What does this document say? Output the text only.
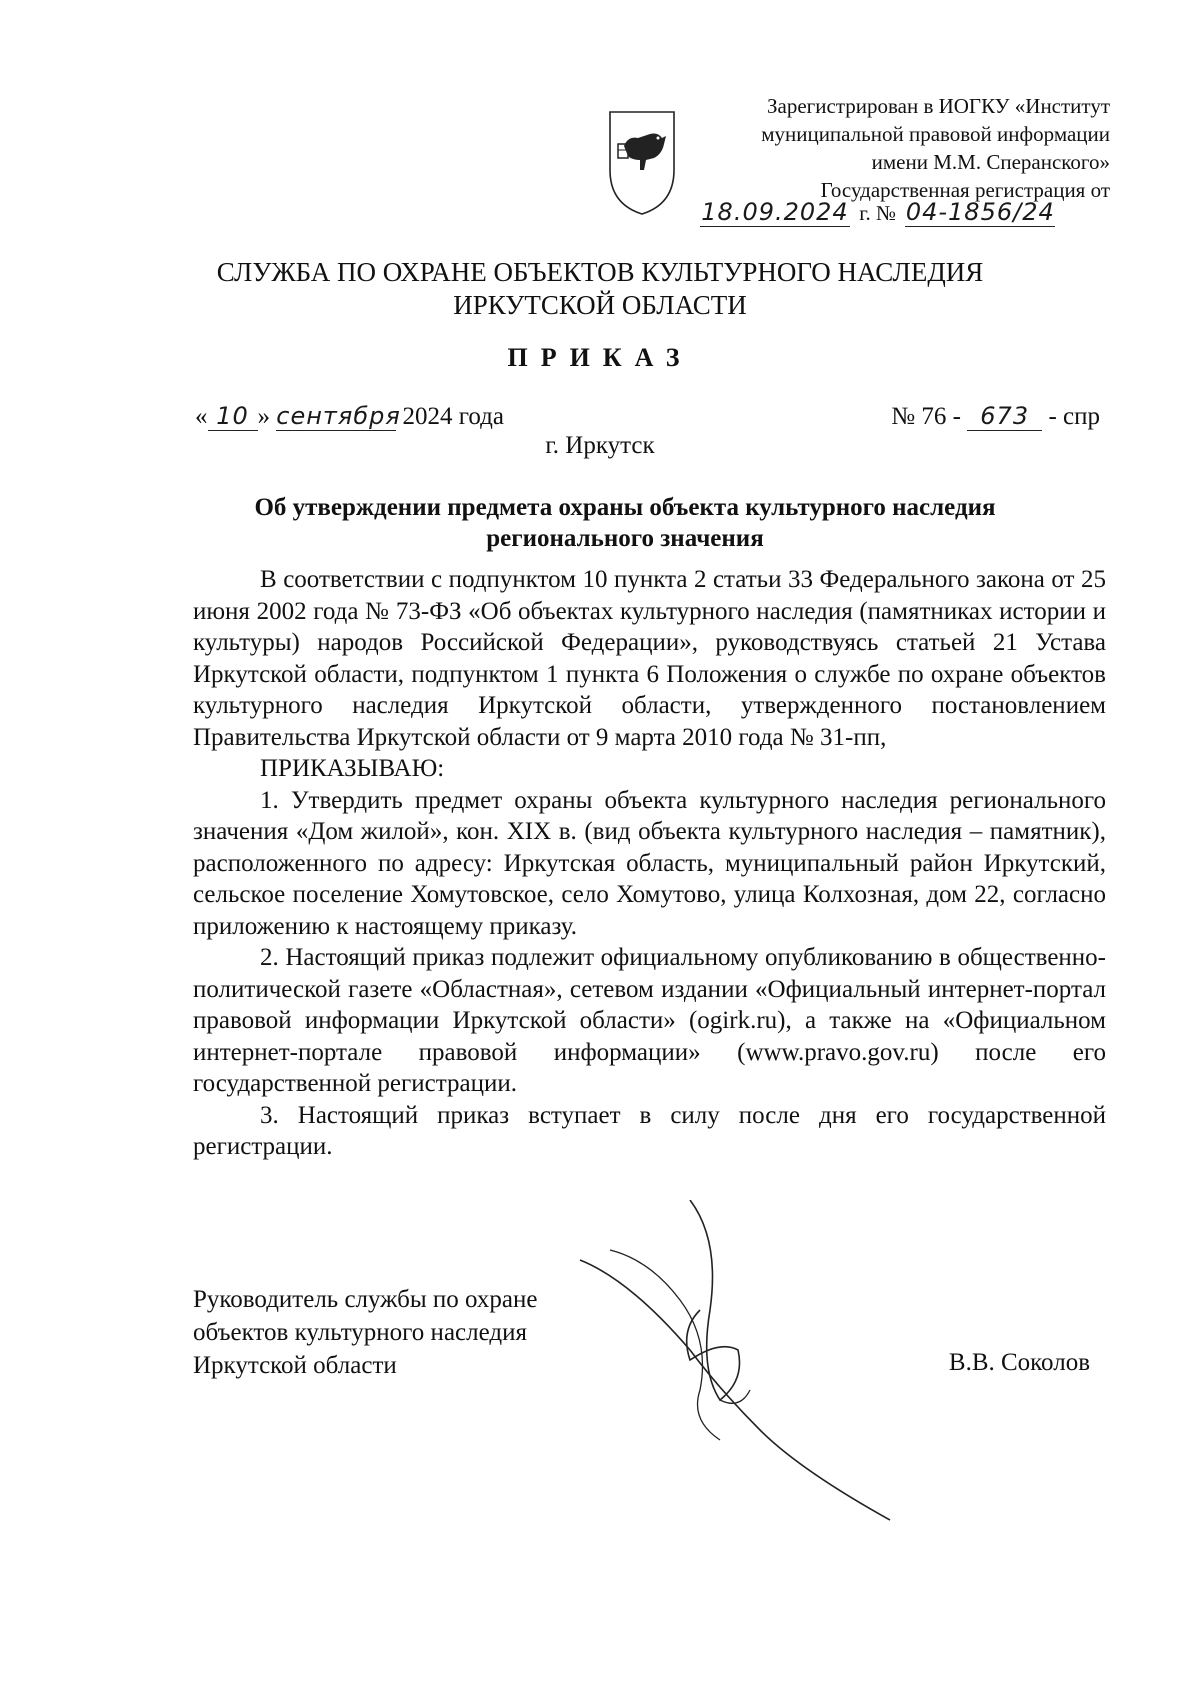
Зарегистрирован в ИОГКУ «Институт
муниципальной правовой информации
имени М.М. Сперанского»
Государственная регистрация от
18.09.2024 г. № 04-1856/24
СЛУЖБА ПО ОХРАНЕ ОБЪЕКТОВ КУЛЬТУРНОГО НАСЛЕДИЯ
ИРКУТСКОЙ ОБЛАСТИ
ПРИКАЗ
« 10 » сентября 2024 года	№ 76 - 673 - спр
г. Иркутск
Об утверждении предмета охраны объекта культурного наследия
регионального значения

В соответствии с подпунктом 10 пункта 2 статьи 33 Федерального закона от 25 июня 2002 года № 73-ФЗ «Об объектах культурного наследия (памятниках истории и культуры) народов Российской Федерации», руководствуясь статьей 21 Устава Иркутской области, подпунктом 1 пункта 6 Положения о службе по охране объектов культурного наследия Иркутской области, утвержденного постановлением Правительства Иркутской области от 9 марта 2010 года № 31-пп,

ПРИКАЗЫВАЮ:

1. Утвердить предмет охраны объекта культурного наследия регионального значения «Дом жилой», кон. XIX в. (вид объекта культурного наследия – памятник), расположенного по адресу: Иркутская область, муниципальный район Иркутский, сельское поселение Хомутовское, село Хомутово, улица Колхозная, дом 22, согласно приложению к настоящему приказу.

2. Настоящий приказ подлежит официальному опубликованию в общественно-политической газете «Областная», сетевом издании «Официальный интернет-портал правовой информации Иркутской области» (ogirk.ru), а также на «Официальном интернет-портале правовой информации» (www.pravo.gov.ru) после его государственной регистрации.

3. Настоящий приказ вступает в силу после дня его государственной регистрации.

Руководитель службы по охране
объектов культурного наследия
Иркутской области	В.В. Соколов
